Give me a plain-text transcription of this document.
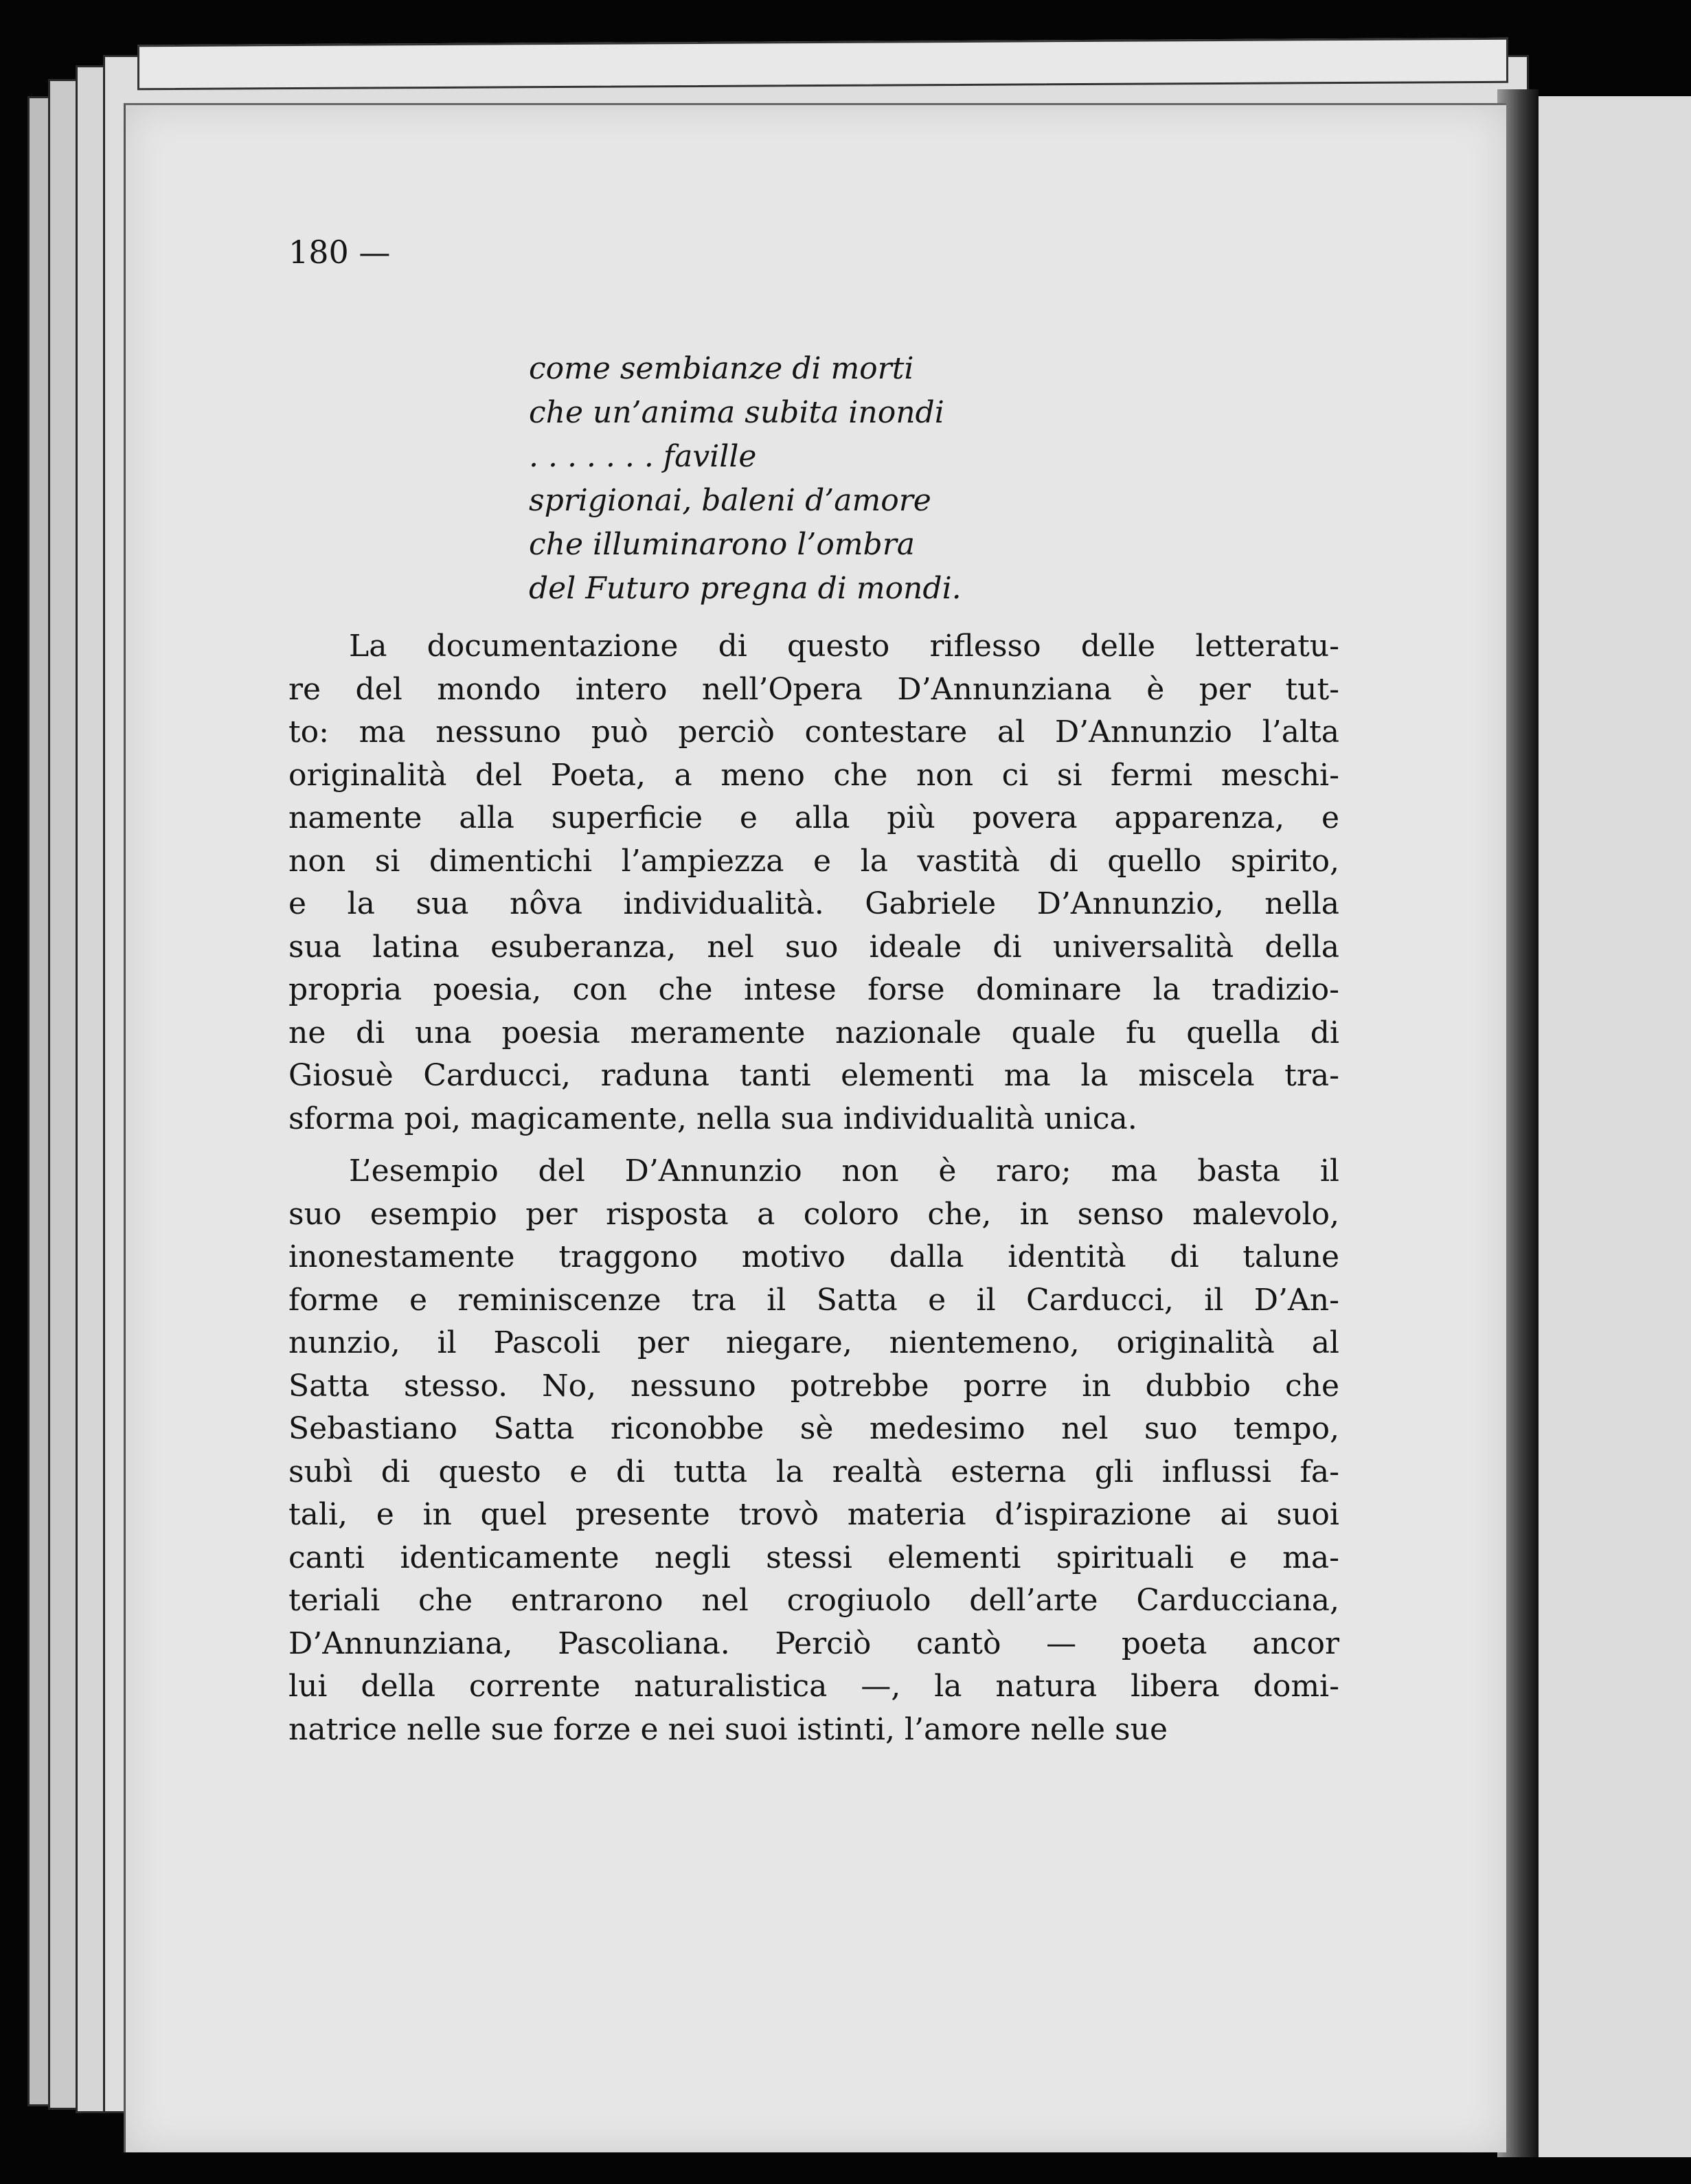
180 —

come sembianze di morti
che un’anima subita inondi
. . . . . . . faville
sprigionai, baleni d’amore
che illuminarono l’ombra
del Futuro pregna di mondi.

La documentazione di questo riflesso delle letteratu-
re del mondo intero nell’Opera D’Annunziana è per tut-
to: ma nessuno può perciò contestare al D’Annunzio l’alta
originalità del Poeta, a meno che non ci si fermi meschi-
namente alla superficie e alla più povera apparenza, e
non si dimentichi l’ampiezza e la vastità di quello spirito,
e la sua nôva individualità. Gabriele D’Annunzio, nella
sua latina esuberanza, nel suo ideale di universalità della
propria poesia, con che intese forse dominare la tradizio-
ne di una poesia meramente nazionale quale fu quella di
Giosuè Carducci, raduna tanti elementi ma la miscela tra-
sforma poi, magicamente, nella sua individualità unica.

L’esempio del D’Annunzio non è raro; ma basta il
suo esempio per risposta a coloro che, in senso malevolo,
inonestamente traggono motivo dalla identità di talune
forme e reminiscenze tra il Satta e il Carducci, il D’An-
nunzio, il Pascoli per niegare, nientemeno, originalità al
Satta stesso. No, nessuno potrebbe porre in dubbio che
Sebastiano Satta riconobbe sè medesimo nel suo tempo,
subì di questo e di tutta la realtà esterna gli influssi fa-
tali, e in quel presente trovò materia d’ispirazione ai suoi
canti identicamente negli stessi elementi spirituali e ma-
teriali che entrarono nel crogiuolo dell’arte Carducciana,
D’Annunziana, Pascoliana. Perciò cantò — poeta ancor
lui della corrente naturalistica —, la natura libera domi-
natrice nelle sue forze e nei suoi istinti, l’amore nelle sue
